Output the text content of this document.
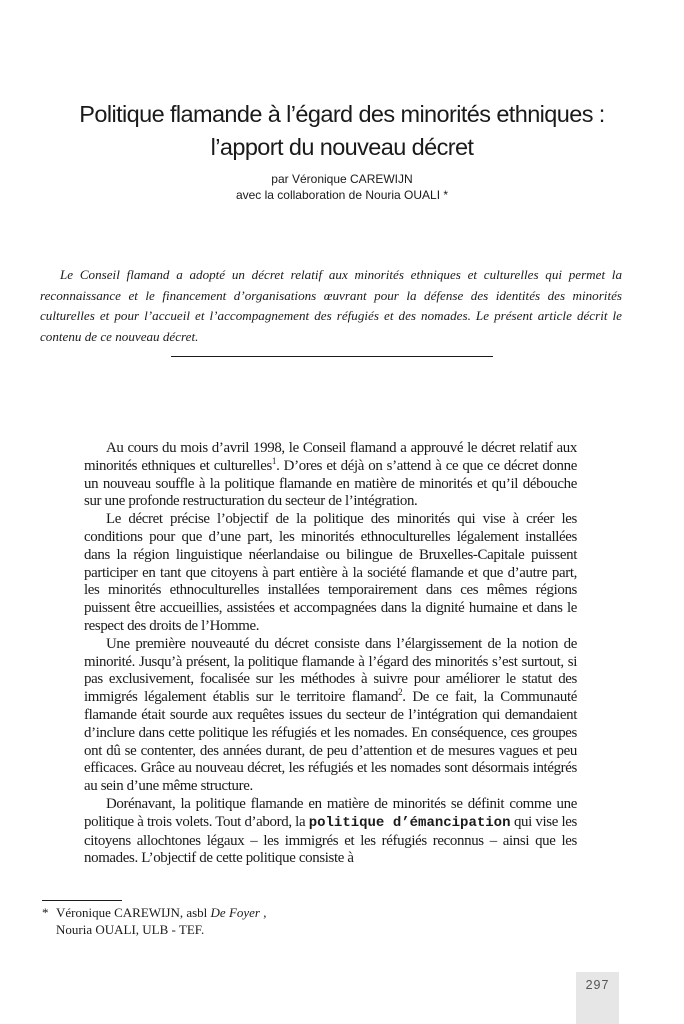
Politique flamande à l’égard des minorités ethniques :
l’apport du nouveau décret
par Véronique CAREWIJN
avec la collaboration de Nouria OUALI *

Le Conseil flamand a adopté un décret relatif aux minorités ethniques et culturelles qui permet la reconnaissance et le financement d’organisations œuvrant pour la défense des identités des minorités culturelles et pour l’accueil et l’accompagnement des réfugiés et des nomades. Le présent article décrit le contenu de ce nouveau décret.

Au cours du mois d’avril 1998, le Conseil flamand a approuvé le décret relatif aux minorités ethniques et culturelles$^1$. D’ores et déjà on s’attend à ce que ce décret donne un nouveau souffle à la politique flamande en matière de minorités et qu’il débouche sur une profonde restructuration du secteur de l’intégration.

Le décret précise l’objectif de la politique des minorités qui vise à créer les conditions pour que d’une part, les minorités ethnoculturelles légalement installées dans la région linguistique néerlandaise ou bilingue de Bruxelles-Capitale puissent participer en tant que citoyens à part entière à la société flamande et que d’autre part, les minorités ethnoculturelles installées temporairement dans ces mêmes régions puissent être accueillies, assistées et accompagnées dans la dignité humaine et dans le respect des droits de l’Homme.

Une première nouveauté du décret consiste dans l’élargissement de la notion de minorité. Jusqu’à présent, la politique flamande à l’égard des minorités s’est surtout, si pas exclusivement, focalisée sur les méthodes à suivre pour améliorer le statut des immigrés légalement établis sur le territoire flamand$^2$. De ce fait, la Communauté flamande était sourde aux requêtes issues du secteur de l’intégration qui demandaient d’inclure dans cette politique les réfugiés et les nomades. En conséquence, ces groupes ont dû se contenter, des années durant, de peu d’attention et de mesures vagues et peu efficaces. Grâce au nouveau décret, les réfugiés et les nomades sont désormais intégrés au sein d’une même structure.

Dorénavant, la politique flamande en matière de minorités se définit comme une politique à trois volets. Tout d’abord, la politique d’émancipation qui vise les citoyens allochtones légaux – les immigrés et les réfugiés reconnus – ainsi que les nomades. L’objectif de cette politique consiste à

* Véronique CAREWIJN, asbl De Foyer ,
Nouria OUALI, ULB - TEF.
297
